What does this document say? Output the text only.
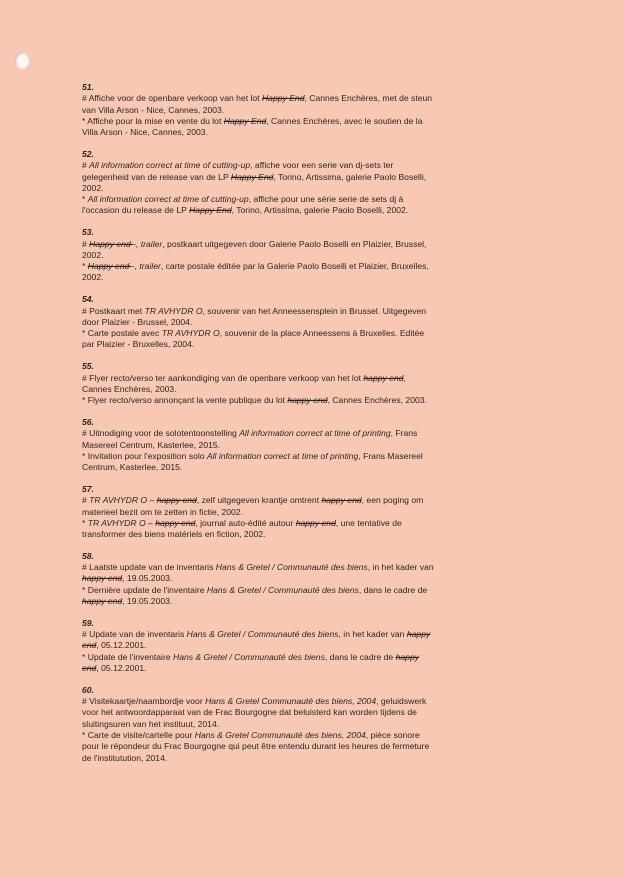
51.
# Affiche voor de openbare verkoop van het lot Happy End, Cannes Enchères, met de steun van Villa Arson - Nice, Cannes, 2003.
* Affiche pour la mise en vente du lot Happy End, Cannes Enchères, avec le soutien de la Villa Arson - Nice, Cannes, 2003.
52.
# All information correct at time of cutting-up, affiche voor een serie van dj-sets ter gelegenheid van de release van de LP Happy End, Torino, Artissima, galerie Paolo Boselli, 2002.
* All information correct at time of cutting-up, affiche pour une série serie de sets dj à l'occasion du release de LP Happy End, Torino, Artissima, galerie Paolo Boselli, 2002.
53.
# Happy end -, trailer, postkaart uitgegeven door Galerie Paolo Boselli en Plaizier, Brussel, 2002.
* Happy end -, trailer, carte postale éditée par la Galerie Paolo Boselli et Plaizier, Bruxelles, 2002.
54.
# Postkaart met TR AVHYDR O, souvenir van het Anneessensplein in Brussel. Uitgegeven door Plaizier - Brussel, 2004.
* Carte postale avec TR AVHYDR O, souvenir de la place Anneessens à Bruxelles. Editée par Plaizier - Bruxelles, 2004.
55.
# Flyer recto/verso ter aankondiging van de openbare verkoop van het lot happy end, Cannes Enchères, 2003.
* Flyer recto/verso annonçant la vente publique du lot happy end, Cannes Enchères, 2003.
56.
# Uitnodiging voor de solotentoonstelling All information correct at time of printing, Frans Masereel Centrum, Kasterlee, 2015.
* Invitation pour l'exposition solo All information correct at time of printing, Frans Masereel Centrum, Kasterlee, 2015.
57.
# TR AVHYDR O – happy end, zelf uitgegeven krantje omtrent happy end, een poging om materieel bezit om te zetten in fictie, 2002.
* TR AVHYDR O – happy end, journal auto-édité autour happy end, une tentative de transformer des biens matériels en fiction, 2002.
58.
# Laatste update van de inventaris Hans & Gretel / Communauté des biens, in het kader van happy end, 19.05.2003.
* Dernière update de l'inventaire Hans & Gretel / Communauté des biens, dans le cadre de happy end, 19.05.2003.
59.
# Update van de inventaris Hans & Gretel / Communauté des biens, in het kader van happy end, 05.12.2001.
* Update de l'inventaire Hans & Gretel / Communauté des biens, dans le cadre de happy end, 05.12.2001.
60.
# Visitekaartje/naambordje voor Hans & Gretel Communauté des biens, 2004, geluidswerk voor het antwoordapparaat van de Frac Bourgogne dat beluisterd kan worden tijdens de sluitingsuren van het instituut, 2014.
* Carte de visite/cartelle pour Hans & Gretel Communauté des biens, 2004, pièce sonore pour le répondeur du Frac Bourgogne qui peut être entendu durant les heures de fermeture de l'institutution, 2014.
